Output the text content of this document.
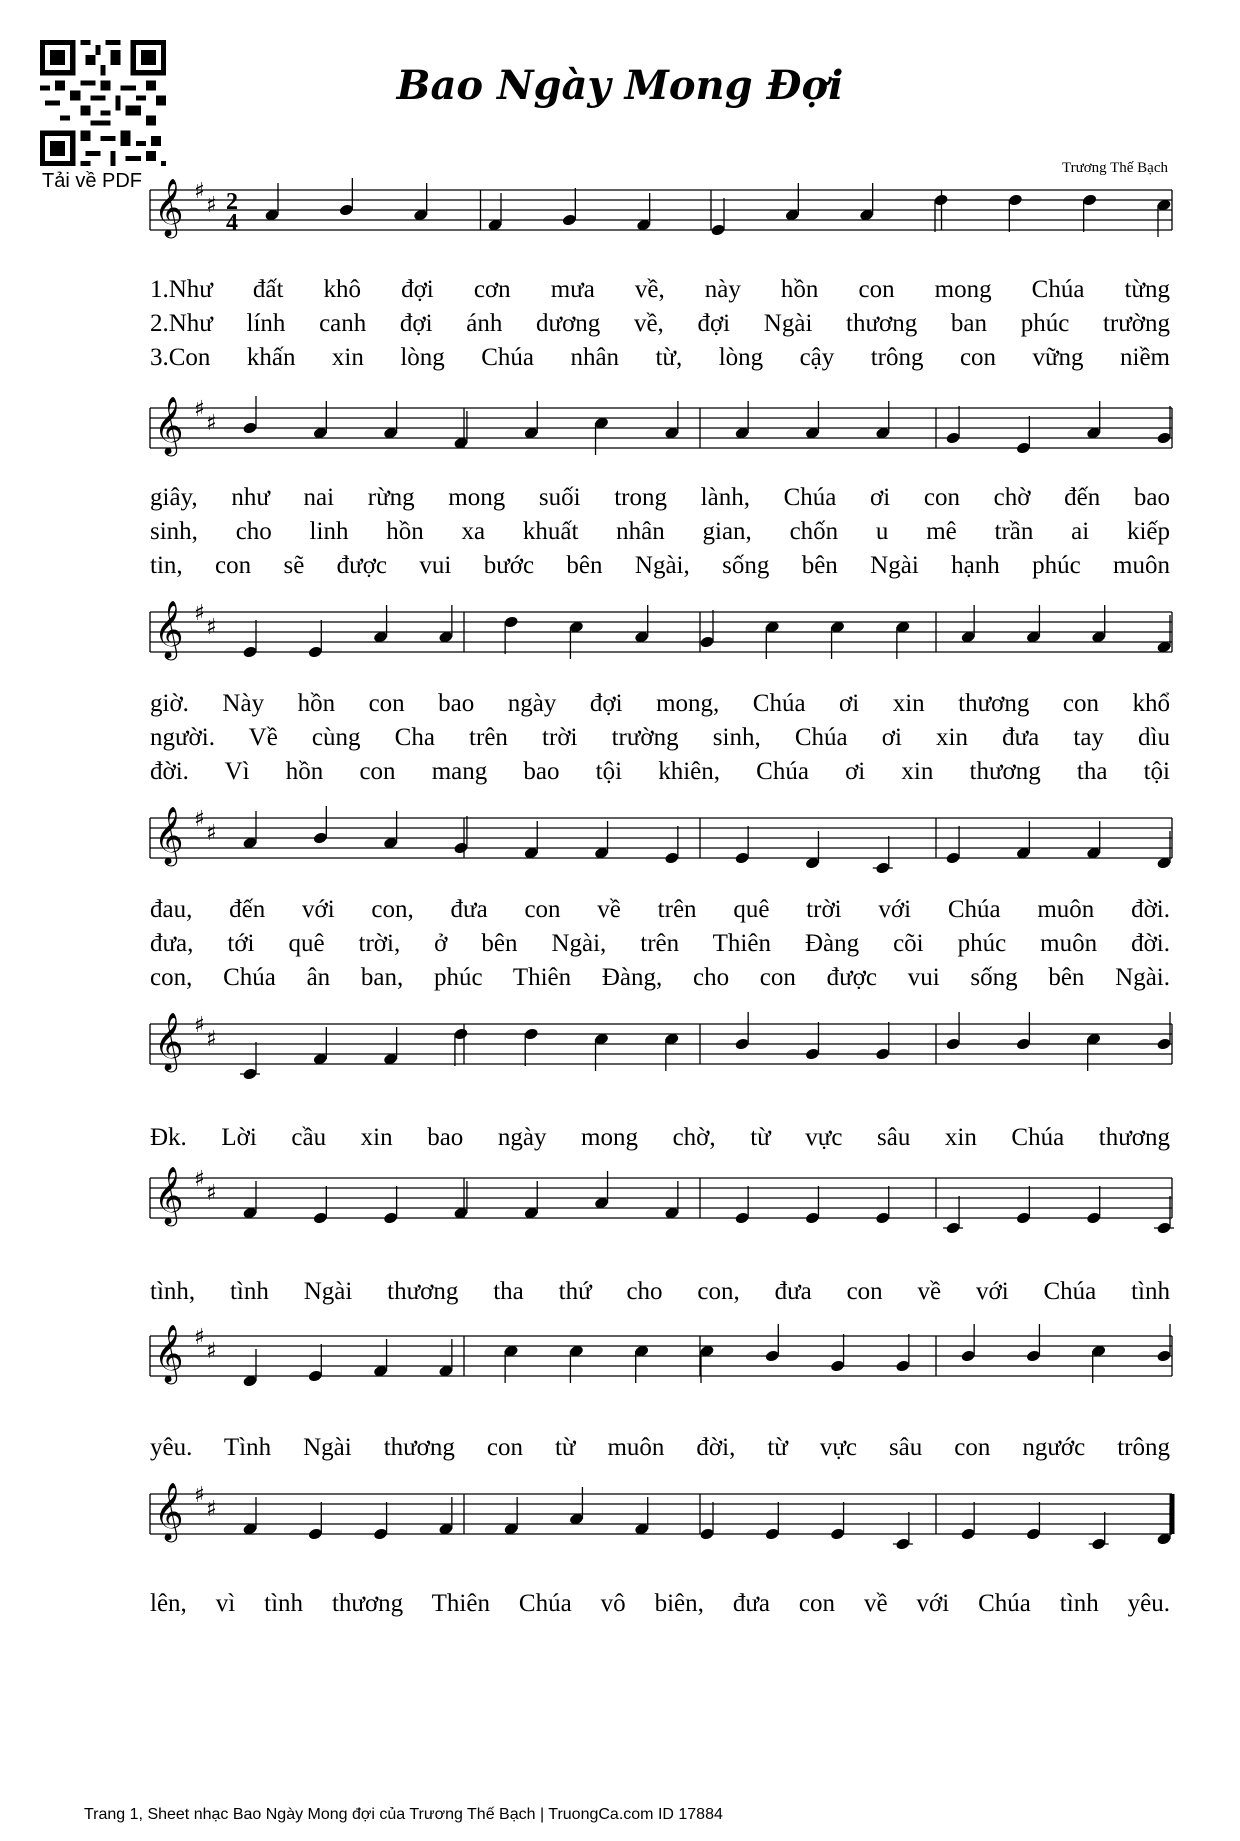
Tải về PDF
Bao Ngày Mong Đợi
Trương Thế Bạch
𝄞 ♯
♯ 2
4
𝄞 ♯
♯
𝄞 ♯
♯
𝄞 ♯
♯
𝄞 ♯
♯
𝄞 ♯
♯
𝄞 ♯
♯
𝄞 ♯
♯
1.Như đất khô đợi cơn mưa về, này hồn con mong Chúa từng
2.Như lính canh đợi ánh dương về, đợi Ngài thương ban phúc trường
3.Con khấn xin lòng Chúa nhân từ, lòng cậy trông con vững niềm
giây, như nai rừng mong suối trong lành, Chúa ơi con chờ đến bao
sinh, cho linh hồn xa khuất nhân gian, chốn u mê trần ai kiếp
tin, con sẽ được vui bước bên Ngài, sống bên Ngài hạnh phúc muôn
giờ. Này hồn con bao ngày đợi mong, Chúa ơi xin thương con khổ
người. Về cùng Cha trên trời trường sinh, Chúa ơi xin đưa tay dìu
đời. Vì hồn con mang bao tội khiên, Chúa ơi xin thương tha tội
đau, đến với con, đưa con về trên quê trời với Chúa muôn đời.
đưa, tới quê trời, ở bên Ngài, trên Thiên Đàng cõi phúc muôn đời.
con, Chúa ân ban, phúc Thiên Đàng, cho con được vui sống bên Ngài.
Đk. Lời cầu xin bao ngày mong chờ, từ vực sâu xin Chúa thương
tình, tình Ngài thương tha thứ cho con, đưa con về với Chúa tình
yêu. Tình Ngài thương con từ muôn đời, từ vực sâu con ngước trông
lên, vì tình thương Thiên Chúa vô biên, đưa con về với Chúa tình yêu.
Trang 1, Sheet nhạc Bao Ngày Mong đợi của Trương Thế Bạch | TruongCa.com ID 17884
